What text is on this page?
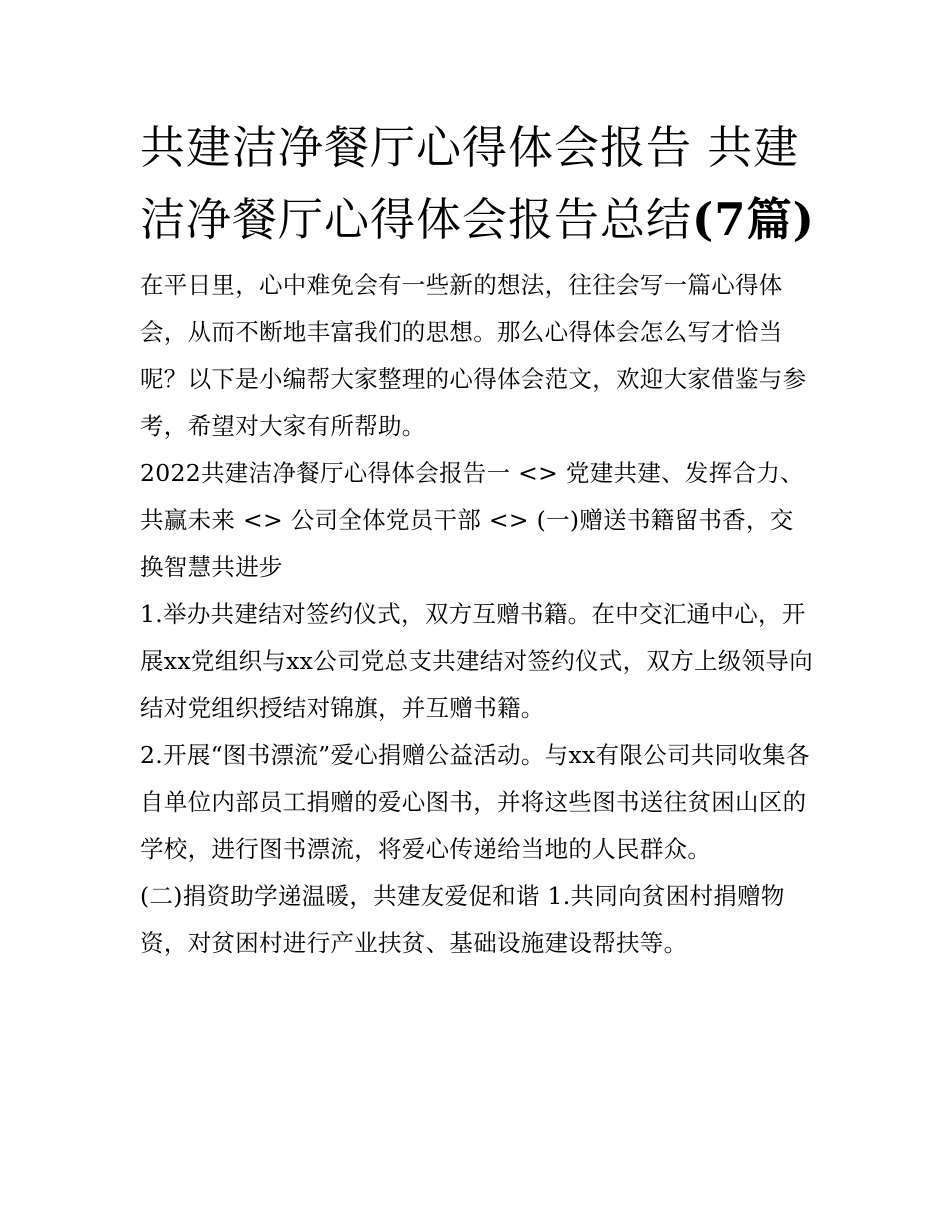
共建洁净餐厅心得体会报告 共建洁净餐厅心得体会报告总结(7篇)

在平日里，心中难免会有一些新的想法，往往会写一篇心得体会，从而不断地丰富我们的思想。那么心得体会怎么写才恰当呢？以下是小编帮大家整理的心得体会范文，欢迎大家借鉴与参考，希望对大家有所帮助。

2022共建洁净餐厅心得体会报告一 <> 党建共建、发挥合力、共赢未来 <> 公司全体党员干部 <> (一)赠送书籍留书香，交换智慧共进步

1.举办共建结对签约仪式，双方互赠书籍。在中交汇通中心，开展xx党组织与xx公司党总支共建结对签约仪式，双方上级领导向结对党组织授结对锦旗，并互赠书籍。

2.开展“图书漂流”爱心捐赠公益活动。与xx有限公司共同收集各自单位内部员工捐赠的爱心图书，并将这些图书送往贫困山区的学校，进行图书漂流，将爱心传递给当地的人民群众。

(二)捐资助学递温暖，共建友爱促和谐 1.共同向贫困村捐赠物资，对贫困村进行产业扶贫、基础设施建设帮扶等。
